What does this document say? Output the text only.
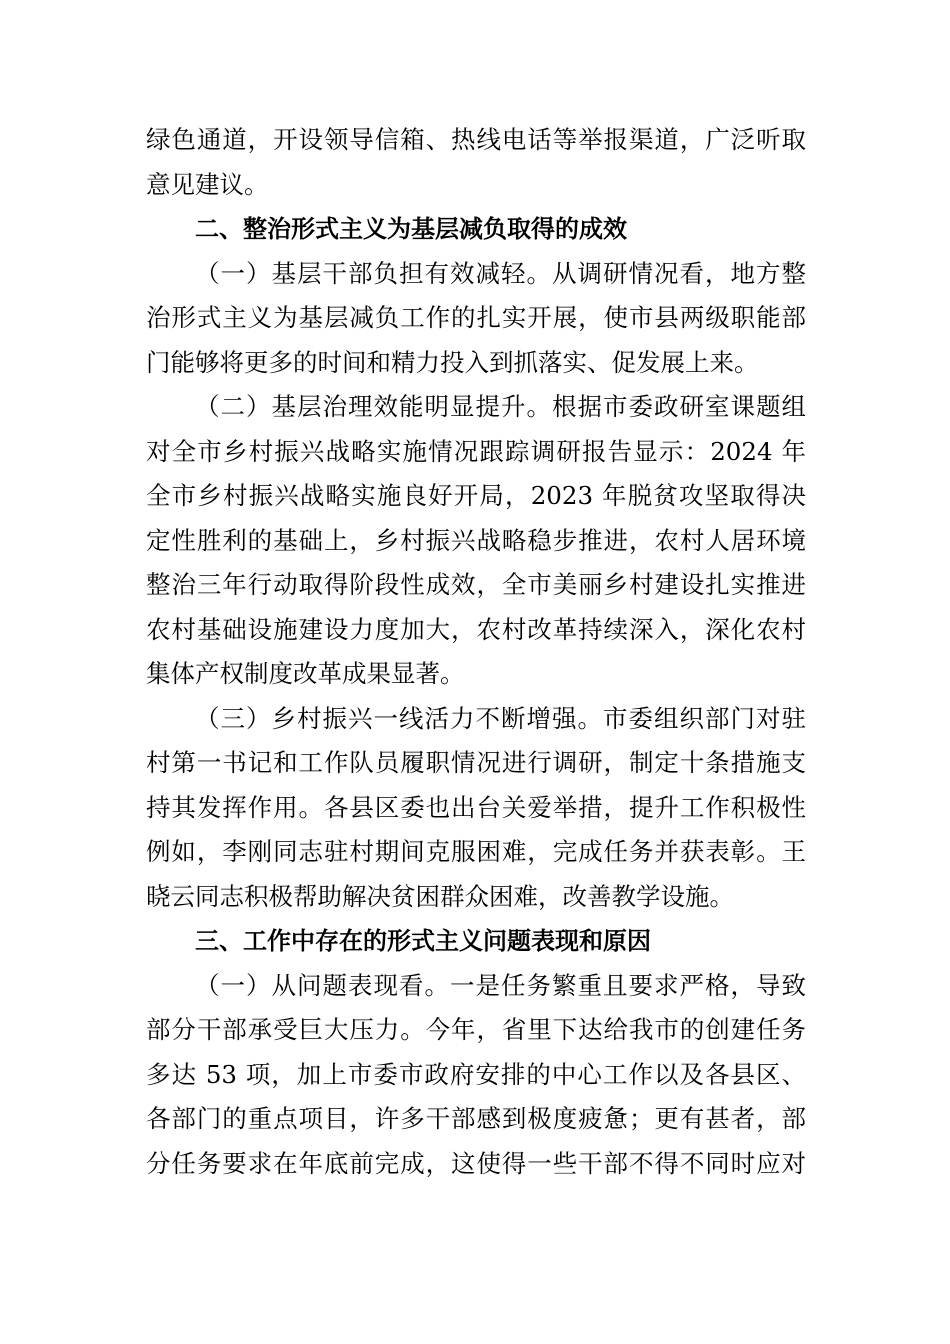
绿色通道，开设领导信箱、热线电话等举报渠道，广泛听取
意见建议。
二、整治形式主义为基层减负取得的成效
（一）基层干部负担有效减轻。从调研情况看，地方整
治形式主义为基层减负工作的扎实开展，使市县两级职能部
门能够将更多的时间和精力投入到抓落实、促发展上来。
（二）基层治理效能明显提升。根据市委政研室课题组
对全市乡村振兴战略实施情况跟踪调研报告显示：2024 年
全市乡村振兴战略实施良好开局，2023 年脱贫攻坚取得决
定性胜利的基础上，乡村振兴战略稳步推进，农村人居环境
整治三年行动取得阶段性成效，全市美丽乡村建设扎实推进
农村基础设施建设力度加大，农村改革持续深入，深化农村
集体产权制度改革成果显著。
（三）乡村振兴一线活力不断增强。市委组织部门对驻
村第一书记和工作队员履职情况进行调研，制定十条措施支
持其发挥作用。各县区委也出台关爱举措，提升工作积极性
例如，李刚同志驻村期间克服困难，完成任务并获表彰。王
晓云同志积极帮助解决贫困群众困难，改善教学设施。
三、工作中存在的形式主义问题表现和原因
（一）从问题表现看。一是任务繁重且要求严格，导致
部分干部承受巨大压力。今年，省里下达给我市的创建任务
多达 53 项，加上市委市政府安排的中心工作以及各县区、
各部门的重点项目，许多干部感到极度疲惫；更有甚者，部
分任务要求在年底前完成，这使得一些干部不得不同时应对
